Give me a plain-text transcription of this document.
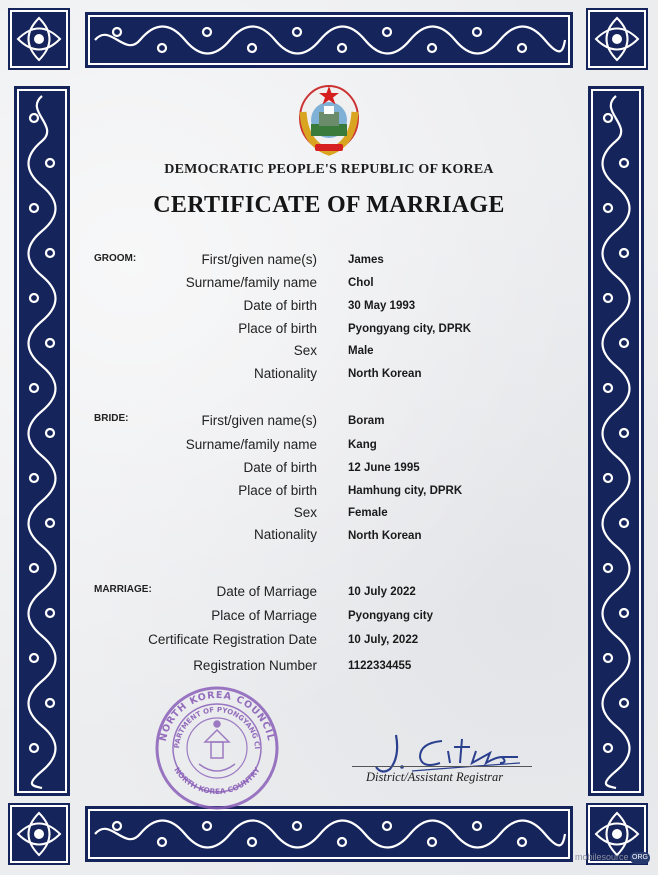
DEMOCRATIC PEOPLE'S REPUBLIC OF KOREA
CERTIFICATE OF MARRIAGE
GROOM:	First/given name(s)	James
Surname/family name	Chol
Date of birth	30 May 1993
Place of birth	Pyongyang city, DPRK
Sex	Male
Nationality	North Korean
BRIDE:	First/given name(s)	Boram
Surname/family name	Kang
Date of birth	12 June 1995
Place of birth	Hamhung city, DPRK
Sex	Female
Nationality	North Korean
MARRIAGE:	Date of Marriage	10 July 2022
Place of Marriage	Pyongyang city
Certificate Registration Date	10 July, 2022
Registration Number	1122334455
NORTH KOREA COUNCIL
PARTMENT OF PYONGYANG CI
NORTH KOREA COUNTRY	District/Assistant Registrar
mobilesource ORG
